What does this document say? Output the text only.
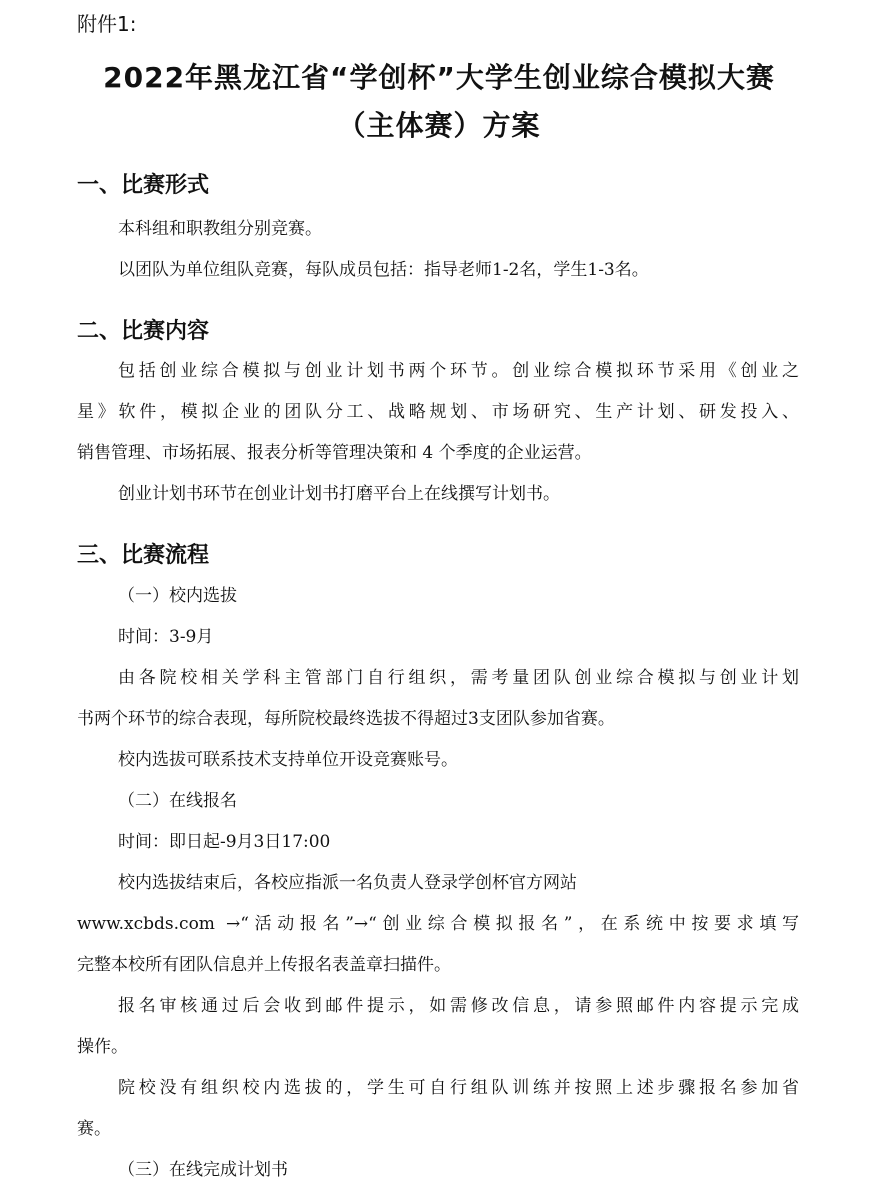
附件1:
2022年黑龙江省“学创杯”大学生创业综合模拟大赛
（主体赛）方案
一、比赛形式
本科组和职教组分别竞赛。
以团队为单位组队竞赛，每队成员包括：指导老师1-2名，学生1-3名。
二、比赛内容
包括创业综合模拟与创业计划书两个环节。创业综合模拟环节采用《创业之
星》软件，模拟企业的团队分工、战略规划、市场研究、生产计划、研发投入、
销售管理、市场拓展、报表分析等管理决策和 4 个季度的企业运营。
创业计划书环节在创业计划书打磨平台上在线撰写计划书。
三、比赛流程
（一）校内选拔
时间：3-9月
由各院校相关学科主管部门自行组织，需考量团队创业综合模拟与创业计划
书两个环节的综合表现，每所院校最终选拔不得超过3支团队参加省赛。
校内选拔可联系技术支持单位开设竞赛账号。
（二）在线报名
时间：即日起-9月3日17:00
校内选拔结束后，各校应指派一名负责人登录学创杯官方网站
www.xcbds.com →“活动报名”→“创业综合模拟报名”，在系统中按要求填写
完整本校所有团队信息并上传报名表盖章扫描件。
报名审核通过后会收到邮件提示，如需修改信息，请参照邮件内容提示完成
操作。
院校没有组织校内选拔的，学生可自行组队训练并按照上述步骤报名参加省
赛。
（三）在线完成计划书
